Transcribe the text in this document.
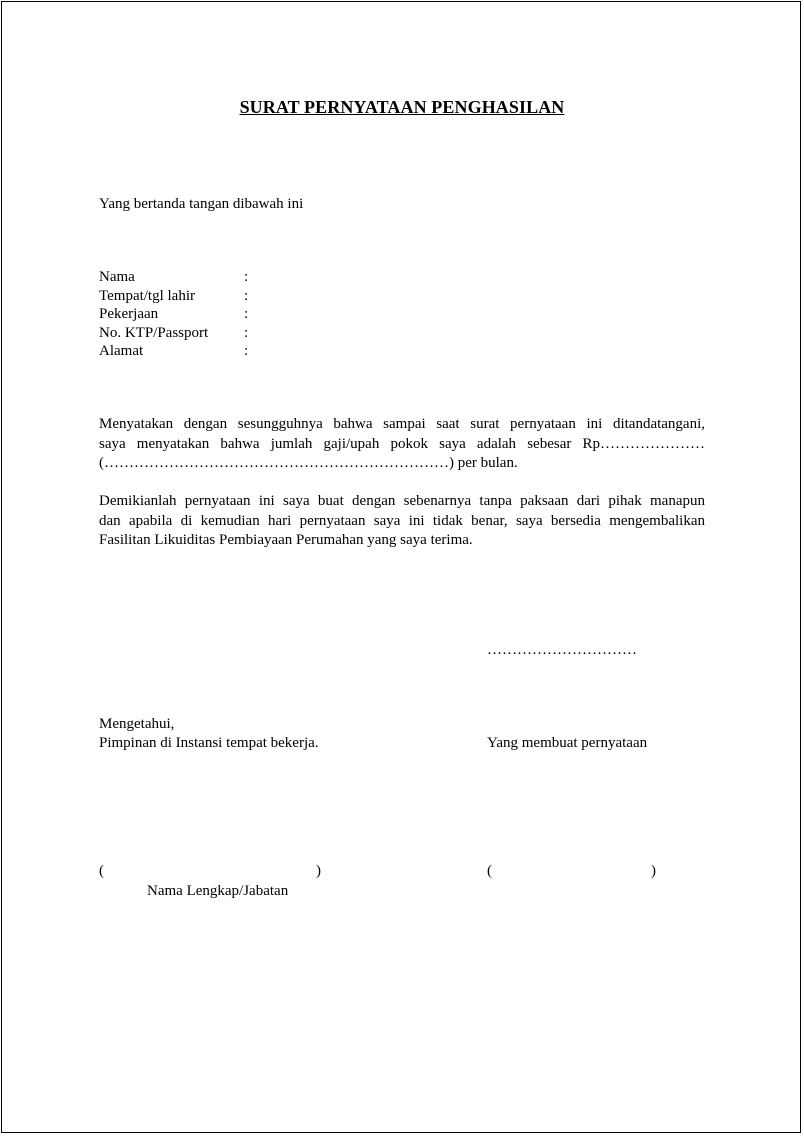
SURAT PERNYATAAN PENGHASILAN
Yang bertanda tangan dibawah ini
Nama	:
Tempat/tgl lahir	:
Pekerjaan	:
No. KTP/Passport :
Alamat	:
Menyatakan dengan sesungguhnya bahwa sampai saat surat pernyataan ini ditandatangani,
saya menyatakan bahwa jumlah gaji/upah pokok saya adalah sebesar Rp…………………
(……………………………………………………………) per bulan.
Demikianlah pernyataan ini saya buat dengan sebenarnya tanpa paksaan dari pihak manapun
dan apabila di kemudian hari pernyataan saya ini tidak benar, saya bersedia mengembalikan
Fasilitan Likuiditas Pembiayaan Perumahan yang saya terima.
…………………………
Mengetahui,
Pimpinan di Instansi tempat bekerja.	Yang membuat pernyataan
(	)	(	)
Nama Lengkap/Jabatan
